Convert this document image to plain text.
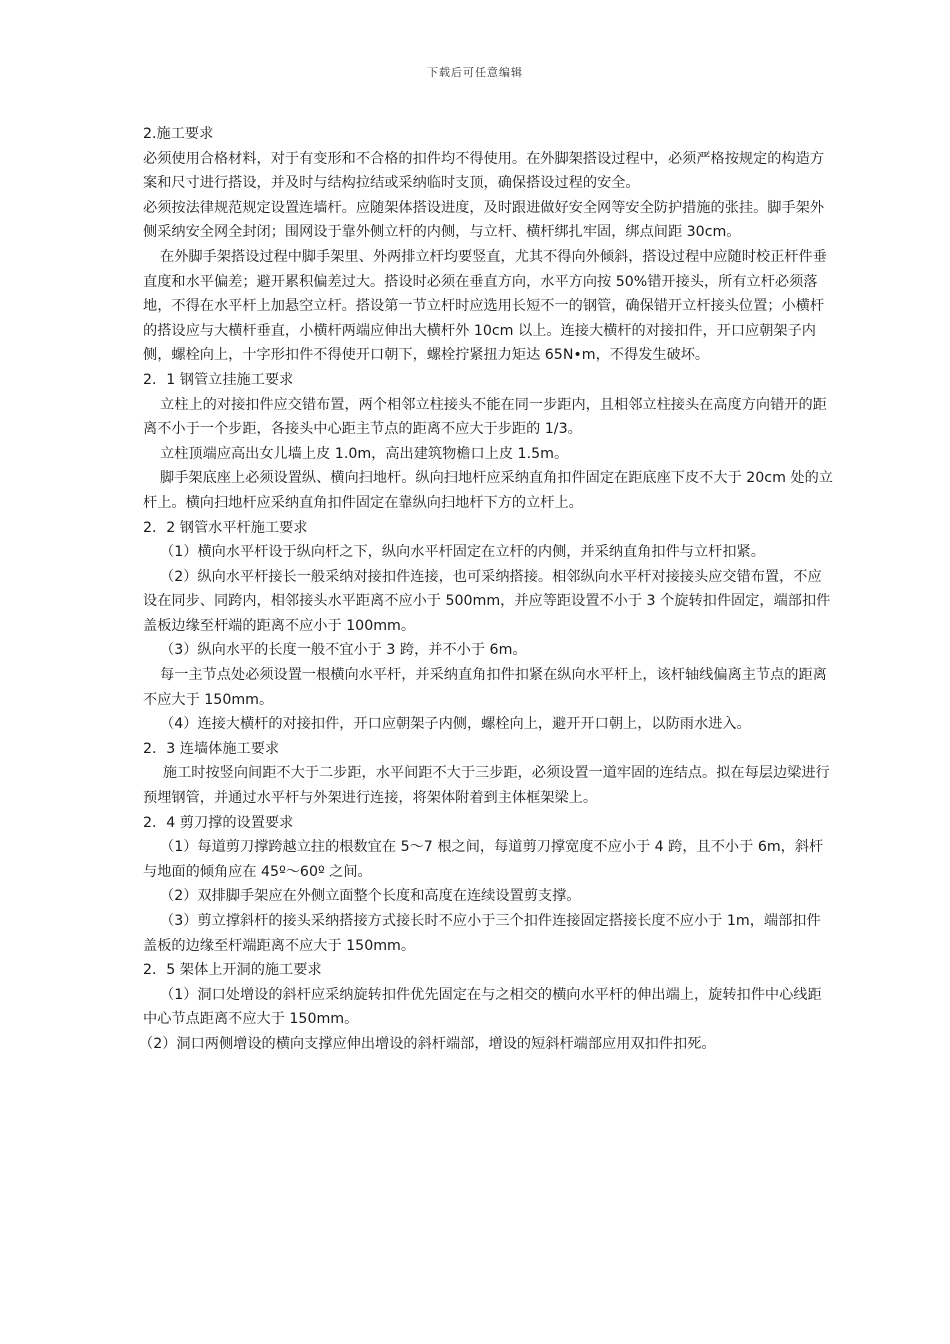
下载后可任意编辑

2.施工要求

必须使用合格材料，对于有变形和不合格的扣件均不得使用。在外脚架搭设过程中，必须严格按规定的构造方案和尺寸进行搭设，并及时与结构拉结或采纳临时支顶，确保搭设过程的安全。

必须按法律规范规定设置连墙杆。应随架体搭设进度，及时跟进做好安全网等安全防护措施的张挂。脚手架外侧采纳安全网全封闭；围网设于靠外侧立杆的内侧，与立杆、横杆绑扎牢固，绑点间距 30cm。

在外脚手架搭设过程中脚手架里、外两排立杆均要竖直，尤其不得向外倾斜，搭设过程中应随时校正杆件垂直度和水平偏差；避开累积偏差过大。搭设时必须在垂直方向，水平方向按 50%错开接头，所有立杆必须落地，不得在水平杆上加悬空立杆。搭设第一节立杆时应选用长短不一的钢管，确保错开立杆接头位置；小横杆的搭设应与大横杆垂直，小横杆两端应伸出大横杆外 10cm 以上。连接大横杆的对接扣件，开口应朝架子内侧，螺栓向上，十字形扣件不得使开口朝下，螺栓拧紧扭力矩达 65N•m，不得发生破坏。

2．1 钢管立挂施工要求

立柱上的对接扣件应交错布置，两个相邻立柱接头不能在同一步距内，且相邻立柱接头在高度方向错开的距离不小于一个步距，各接头中心距主节点的距离不应大于步距的 1/3。

立柱顶端应高出女儿墙上皮 1.0m，高出建筑物檐口上皮 1.5m。

脚手架底座上必须设置纵、横向扫地杆。纵向扫地杆应采纳直角扣件固定在距底座下皮不大于 20cm 处的立杆上。横向扫地杆应采纳直角扣件固定在靠纵向扫地杆下方的立杆上。

2．2 钢管水平杆施工要求

（1）横向水平杆设于纵向杆之下，纵向水平杆固定在立杆的内侧，并采纳直角扣件与立杆扣紧。

（2）纵向水平杆接长一般采纳对接扣件连接，也可采纳搭接。相邻纵向水平杆对接接头应交错布置，不应设在同步、同跨内，相邻接头水平距离不应小于 500mm，并应等距设置不小于 3 个旋转扣件固定，端部扣件盖板边缘至杆端的距离不应小于 100mm。

（3）纵向水平的长度一般不宜小于 3 跨，并不小于 6m。

每一主节点处必须设置一根横向水平杆，并采纳直角扣件扣紧在纵向水平杆上，该杆轴线偏离主节点的距离不应大于 150mm。

（4）连接大横杆的对接扣件，开口应朝架子内侧，螺栓向上，避开开口朝上，以防雨水进入。

2．3 连墙体施工要求

施工时按竖向间距不大于二步距，水平间距不大于三步距，必须设置一道牢固的连结点。拟在每层边梁进行预埋钢管，并通过水平杆与外架进行连接，将架体附着到主体框架梁上。

2．4 剪刀撑的设置要求

（1）每道剪刀撑跨越立拄的根数宜在 5～7 根之间，每道剪刀撑宽度不应小于 4 跨，且不小于 6m，斜杆与地面的倾角应在 45º～60º 之间。

（2）双排脚手架应在外侧立面整个长度和高度在连续设置剪支撑。

（3）剪立撑斜杆的接头采纳搭接方式接长时不应小于三个扣件连接固定搭接长度不应小于 1m，端部扣件盖板的边缘至杆端距离不应大于 150mm。

2．5 架体上开洞的施工要求

（1）洞口处增设的斜杆应采纳旋转扣件优先固定在与之相交的横向水平杆的伸出端上，旋转扣件中心线距中心节点距离不应大于 150mm。

（2）洞口两侧增设的横向支撑应伸出增设的斜杆端部，增设的短斜杆端部应用双扣件扣死。
